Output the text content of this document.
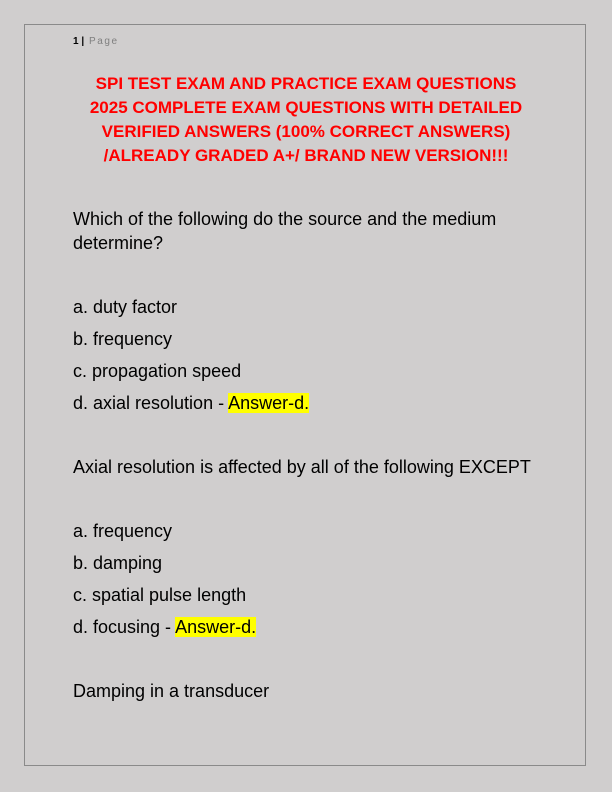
1 | Page
SPI TEST EXAM AND PRACTICE EXAM QUESTIONS
2025 COMPLETE EXAM QUESTIONS WITH DETAILED
VERIFIED ANSWERS (100% CORRECT ANSWERS)
/ALREADY GRADED A+/ BRAND NEW VERSION!!!
Which of the following do the source and the medium
determine?
a. duty factor
b. frequency
c. propagation speed
d. axial resolution - Answer-d.
Axial resolution is affected by all of the following EXCEPT
a. frequency
b. damping
c. spatial pulse length
d. focusing - Answer-d.
Damping in a transducer
